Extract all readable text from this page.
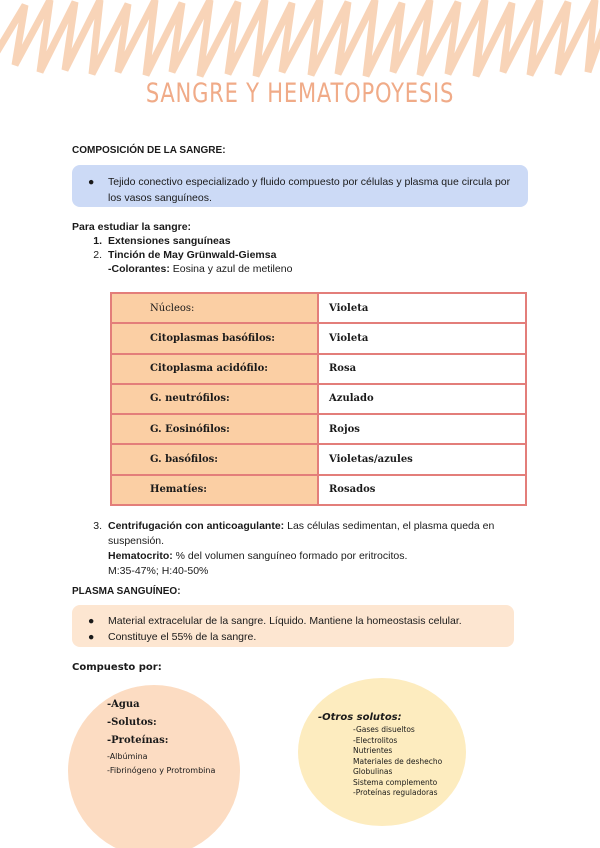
SANGRE Y HEMATOPOYESIS
COMPOSICIÓN DE LA SANGRE:
●	Tejido conectivo especializado y fluido compuesto por células y plasma que circula por los vasos sanguíneos.
Para estudiar la sangre:
1. Extensiones sanguíneas
2. Tinción de May Grünwald-Giemsa
-Colorantes: Eosina y azul de metileno
Núcleos:	Violeta
Citoplasmas basófilos:	Violeta
Citoplasma acidófilo:	Rosa
G. neutrófilos:	Azulado
G. Eosinófilos:	Rojos
G. basófilos:	Violetas/azules
Hematíes:	Rosados
3. Centrifugación con anticoagulante: Las células sedimentan, el plasma queda en suspensión.
Hematocrito: % del volumen sanguíneo formado por eritrocitos.
M:35-47%; H:40-50%
PLASMA SANGUÍNEO:
●	Material extracelular de la sangre. Líquido. Mantiene la homeostasis celular.
●	Constituye el 55% de la sangre.
Compuesto por:
-Agua
-Solutos:
-Proteínas:
-Albúmina
-Fibrinógeno y Protrombina
-Otros solutos:
-Gases disueltos
-Electrolitos
Nutrientes
Materiales de deshecho
Globulinas
Sistema complemento
-Proteínas reguladoras
